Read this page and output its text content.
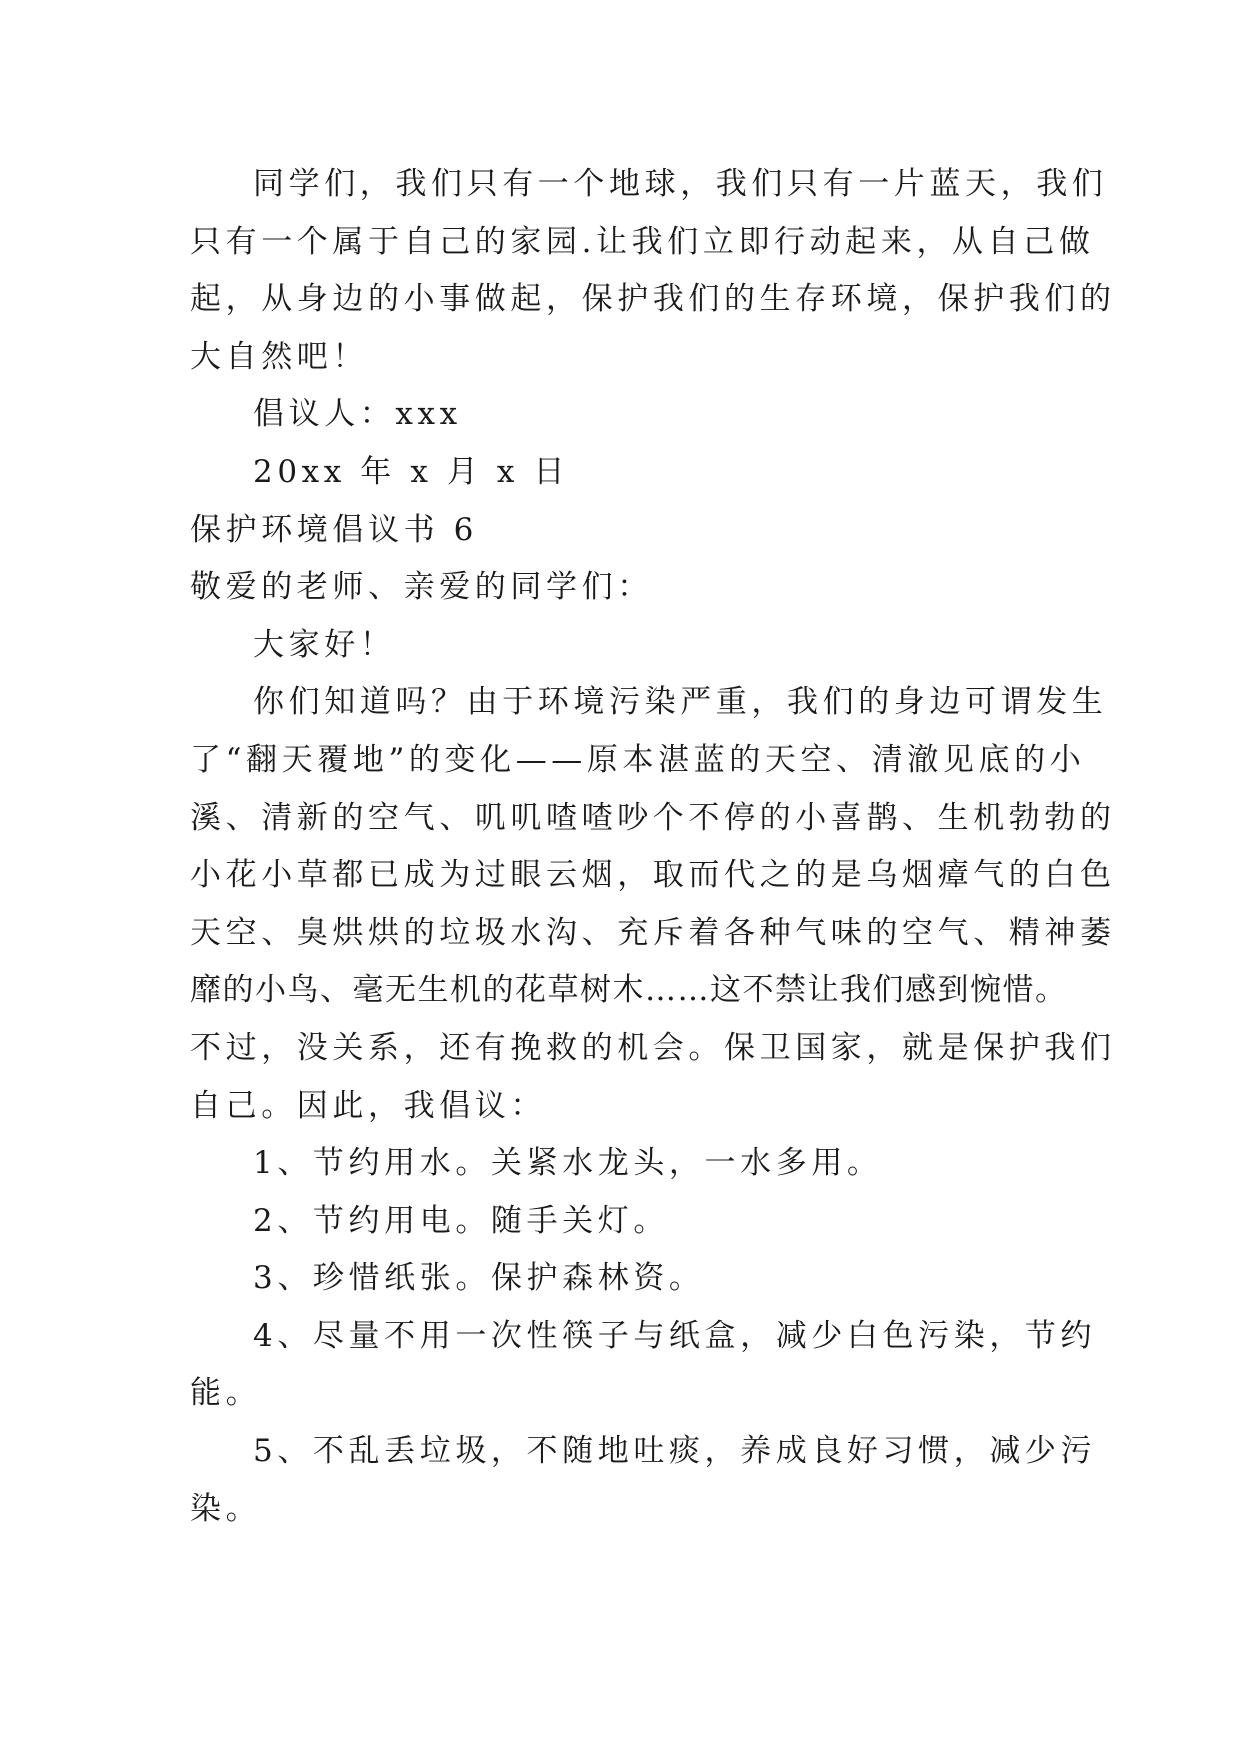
同学们，我们只有一个地球，我们只有一片蓝天，我们
只有一个属于自己的家园.让我们立即行动起来，从自己做
起，从身边的小事做起，保护我们的生存环境，保护我们的
大自然吧！
倡议人：xxx
20xx 年 x 月 x 日
保护环境倡议书 6
敬爱的老师、亲爱的同学们：
大家好！
你们知道吗？由于环境污染严重，我们的身边可谓发生
了“翻天覆地”的变化——原本湛蓝的天空、清澈见底的小
溪、清新的空气、叽叽喳喳吵个不停的小喜鹊、生机勃勃的
小花小草都已成为过眼云烟，取而代之的是乌烟瘴气的白色
天空、臭烘烘的垃圾水沟、充斥着各种气味的空气、精神萎
靡的小鸟、毫无生机的花草树木……这不禁让我们感到惋惜。
不过，没关系，还有挽救的机会。保卫国家，就是保护我们
自己。因此，我倡议：
1、节约用水。关紧水龙头，一水多用。
2、节约用电。随手关灯。
3、珍惜纸张。保护森林资。
4、尽量不用一次性筷子与纸盒，减少白色污染，节约
能。
5、不乱丢垃圾，不随地吐痰，养成良好习惯，减少污
染。
